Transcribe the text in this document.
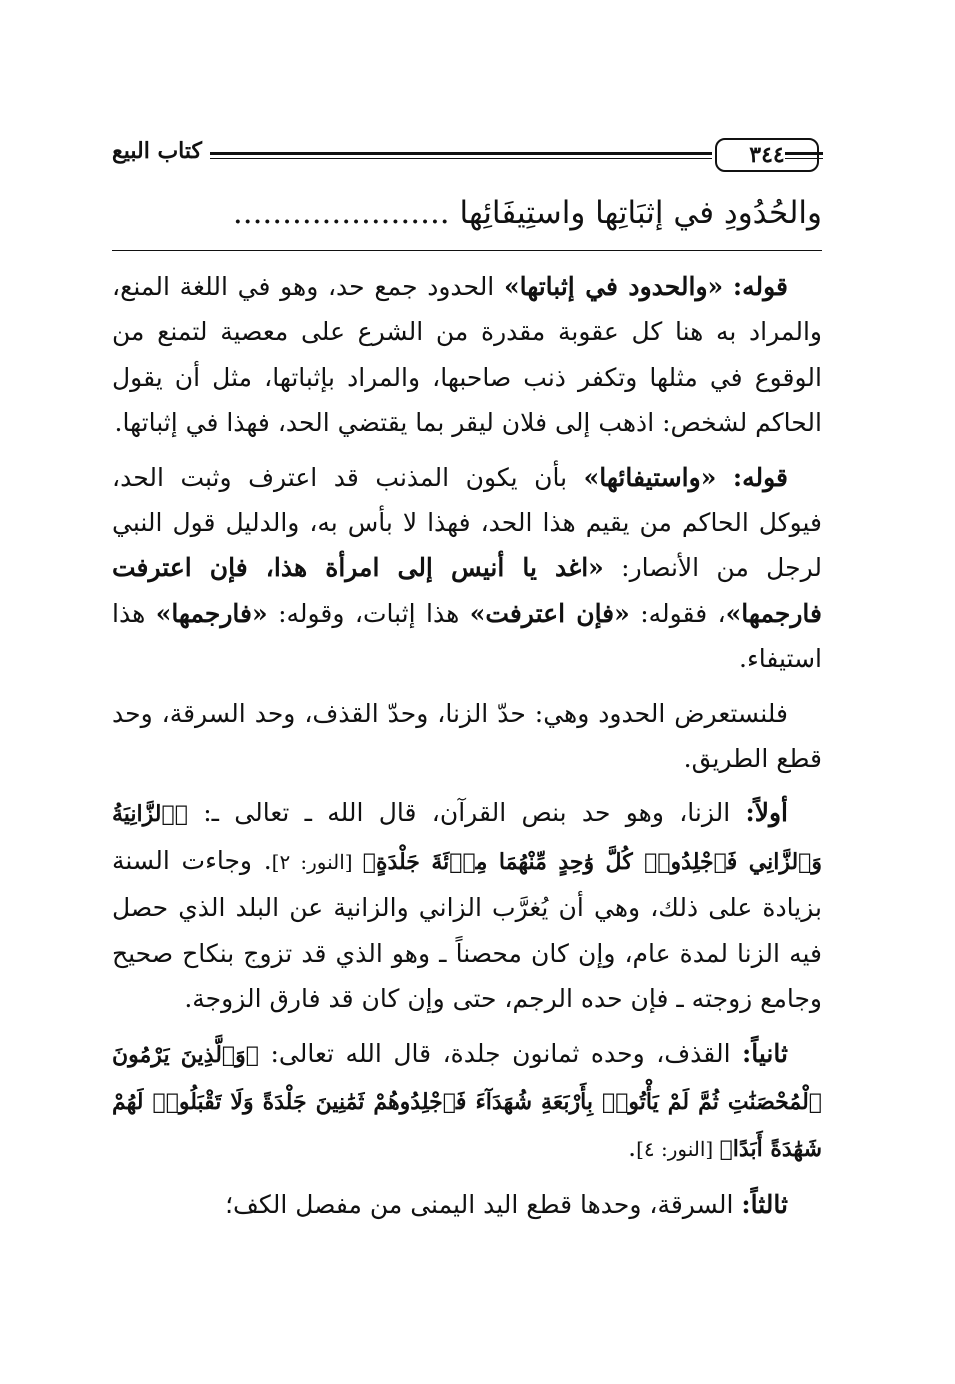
٣٤٤
كتاب البيع
والحُدُودِ في إثبَاتِها واستِيفَائِها ......................

قوله: «والحدود في إثباتها» الحدود جمع حد، وهو في اللغة المنع، والمراد به هنا كل عقوبة مقدرة من الشرع على معصية لتمنع من الوقوع في مثلها وتكفر ذنب صاحبها، والمراد بإثباتها، مثل أن يقول الحاكم لشخص: اذهب إلى فلان ليقر بما يقتضي الحد، فهذا في إثباتها.

قوله: «واستيفائها» بأن يكون المذنب قد اعترف وثبت الحد، فيوكل الحاكم من يقيم هذا الحد، فهذا لا بأس به، والدليل قول النبي لرجل من الأنصار: «اغد يا أنيس إلى امرأة هذا، فإن اعترفت فارجمها»، فقوله: «فإن اعترفت» هذا إثبات، وقوله: «فارجمها» هذا استيفاء.

فلنستعرض الحدود وهي: حدّ الزنا، وحدّ القذف، وحد السرقة، وحد قطع الطريق.

أولاً: الزنا، وهو حد بنص القرآن، قال الله ـ تعالى ـ: ﴿ٱلزَّانِيَةُ وَٱلزَّانِي فَٱجْلِدُوا۟ كُلَّ وَٰحِدٍ مِّنْهُمَا مِا۟ئَةَ جَلْدَةٍ﴾ [النور: ٢]. وجاءت السنة بزيادة على ذلك، وهي أن يُغرَّب الزاني والزانية عن البلد الذي حصل فيه الزنا لمدة عام، وإن كان محصناً ـ وهو الذي قد تزوج بنكاح صحيح وجامع زوجته ـ فإن حده الرجم، حتى وإن كان قد فارق الزوجة.

ثانياً: القذف، وحده ثمانون جلدة، قال الله تعالى: ﴿وَٱلَّذِينَ يَرْمُونَ ٱلْمُحْصَنَٰتِ ثُمَّ لَمْ يَأْتُوا۟ بِأَرْبَعَةِ شُهَدَآءَ فَٱجْلِدُوهُمْ ثَمَٰنِينَ جَلْدَةً وَلَا تَقْبَلُوا۟ لَهُمْ شَهَٰدَةً أَبَدًا﴾ [النور: ٤].

ثالثاً: السرقة، وحدها قطع اليد اليمنى من مفصل الكف؛
